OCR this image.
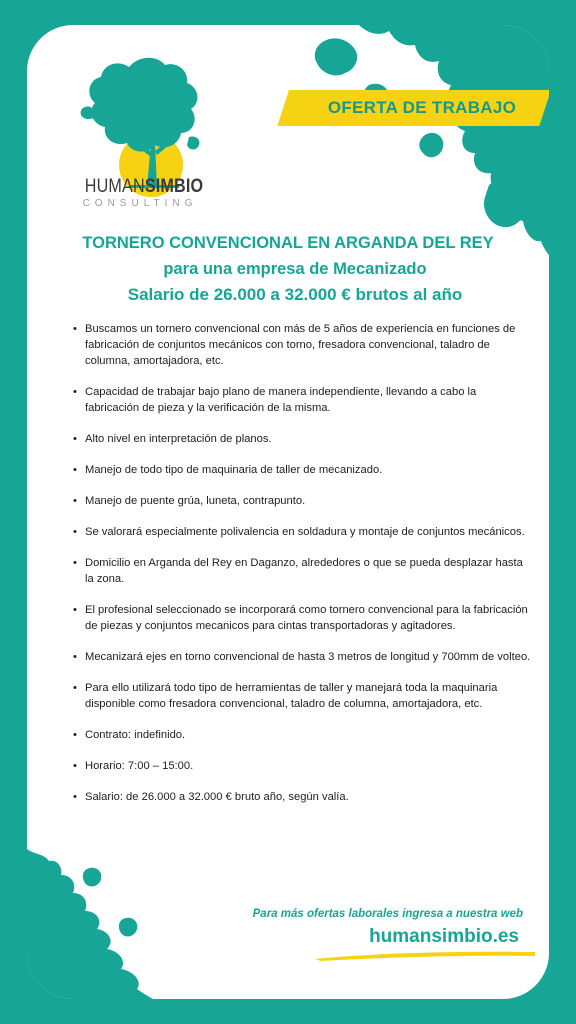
HUMANSIMBIO
CONSULTING
OFERTA DE TRABAJO
TORNERO CONVENCIONAL EN ARGANDA DEL REY
para una empresa de Mecanizado
Salario de 26.000 a 32.000 € brutos al año
• Buscamos un tornero convencional con más de 5 años de experiencia en funciones de fabricación de conjuntos mecánicos con torno, fresadora convencional, taladro de columna, amortajadora, etc.
• Capacidad de trabajar bajo plano de manera independiente, llevando a cabo la fabricación de pieza y la verificación de la misma.
• Alto nivel en interpretación de planos.
• Manejo de todo tipo de maquinaria de taller de mecanizado.
• Manejo de puente grúa, luneta, contrapunto.
• Se valorará especialmente polivalencia en soldadura y montaje de conjuntos mecánicos.
• Domicilio en Arganda del Rey en Daganzo, alrededores o que se pueda desplazar hasta la zona.
• El profesional seleccionado se incorporará como tornero convencional para la fabricación de piezas y conjuntos mecanicos para cintas transportadoras y agitadores.
• Mecanizará ejes en torno convencional de hasta 3 metros de longitud y 700mm de volteo.
• Para ello utilizará todo tipo de herramientas de taller y manejará toda la maquinaria disponible como fresadora convencional, taladro de columna, amortajadora, etc.
• Contrato: indefinido.
• Horario: 7:00 – 15:00.
• Salario: de 26.000 a 32.000 € bruto año, según valía.
Para más ofertas laborales ingresa a nuestra web
humansimbio.es
